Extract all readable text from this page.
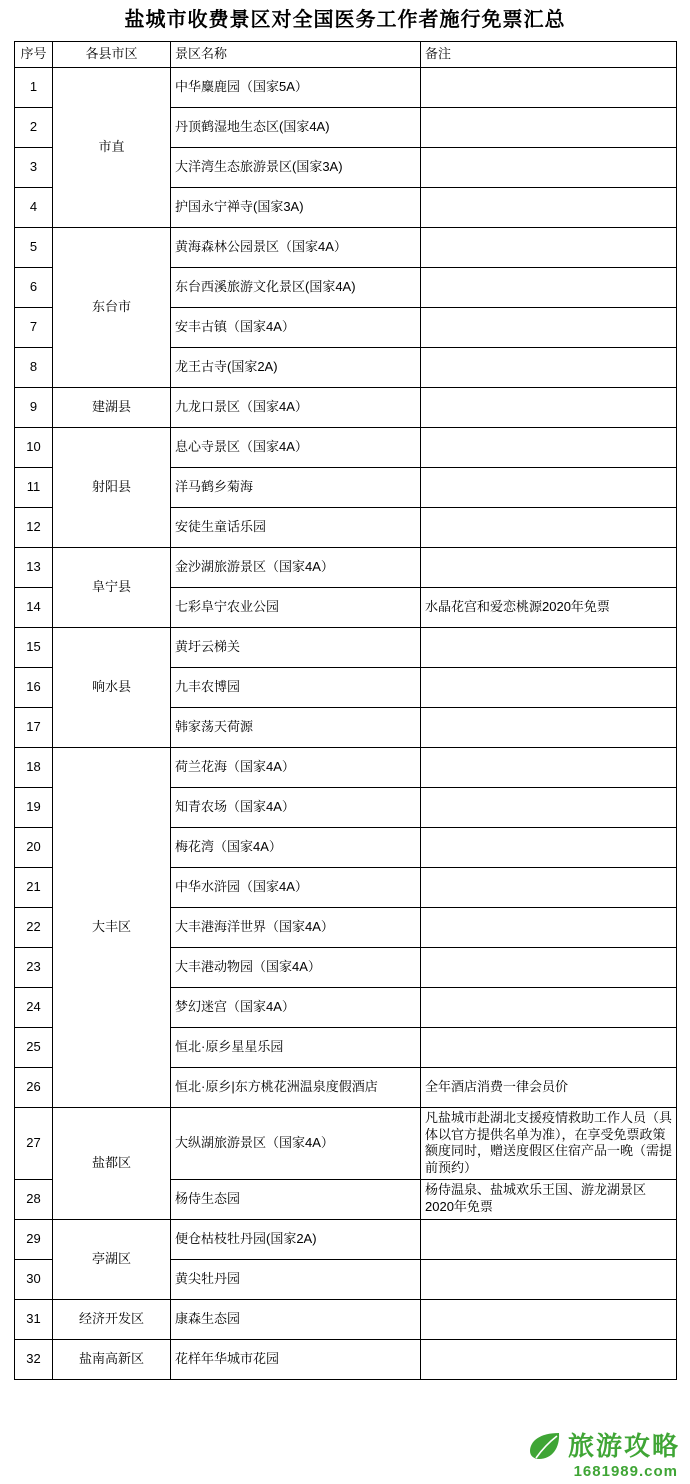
盐城市收费景区对全国医务工作者施行免票汇总
序号	各县市区	景区名称	备注
1	市直	中华麋鹿园（国家5A）	
2		丹顶鹤湿地生态区(国家4A)	
3		大洋湾生态旅游景区(国家3A)	
4		护国永宁禅寺(国家3A)	
5	东台市	黄海森林公园景区（国家4A）	
6		东台西溪旅游文化景区(国家4A)	
7		安丰古镇（国家4A）	
8		龙王古寺(国家2A)	
9	建湖县	九龙口景区（国家4A）	
10	射阳县	息心寺景区（国家4A）	
11		洋马鹤乡菊海	
12		安徒生童话乐园	
13	阜宁县	金沙湖旅游景区（国家4A）	
14		七彩阜宁农业公园	水晶花宫和爱恋桃源2020年免票
15	响水县	黄圩云梯关	
16		九丰农博园	
17		韩家荡天荷源	
18	大丰区	荷兰花海（国家4A）	
19		知青农场（国家4A）	
20		梅花湾（国家4A）	
21		中华水浒园（国家4A）	
22		大丰港海洋世界（国家4A）	
23		大丰港动物园（国家4A）	
24		梦幻迷宫（国家4A）	
25		恒北·原乡星星乐园	
26		恒北·原乡|东方桃花洲温泉度假酒店	全年酒店消费一律会员价
27	盐都区	大纵湖旅游景区（国家4A）	凡盐城市赴湖北支援疫情救助工作人员（具体以官方提供名单为准），在享受免票政策额度同时，赠送度假区住宿产品一晚（需提前预约）
28		杨侍生态园	杨侍温泉、盐城欢乐王国、游龙湖景区2020年免票
29	亭湖区	便仓枯枝牡丹园(国家2A)	
30		黄尖牡丹园	
31	经济开发区	康森生态园	
32	盐南高新区	花样年华城市花园	
旅游攻略
1681989.com
